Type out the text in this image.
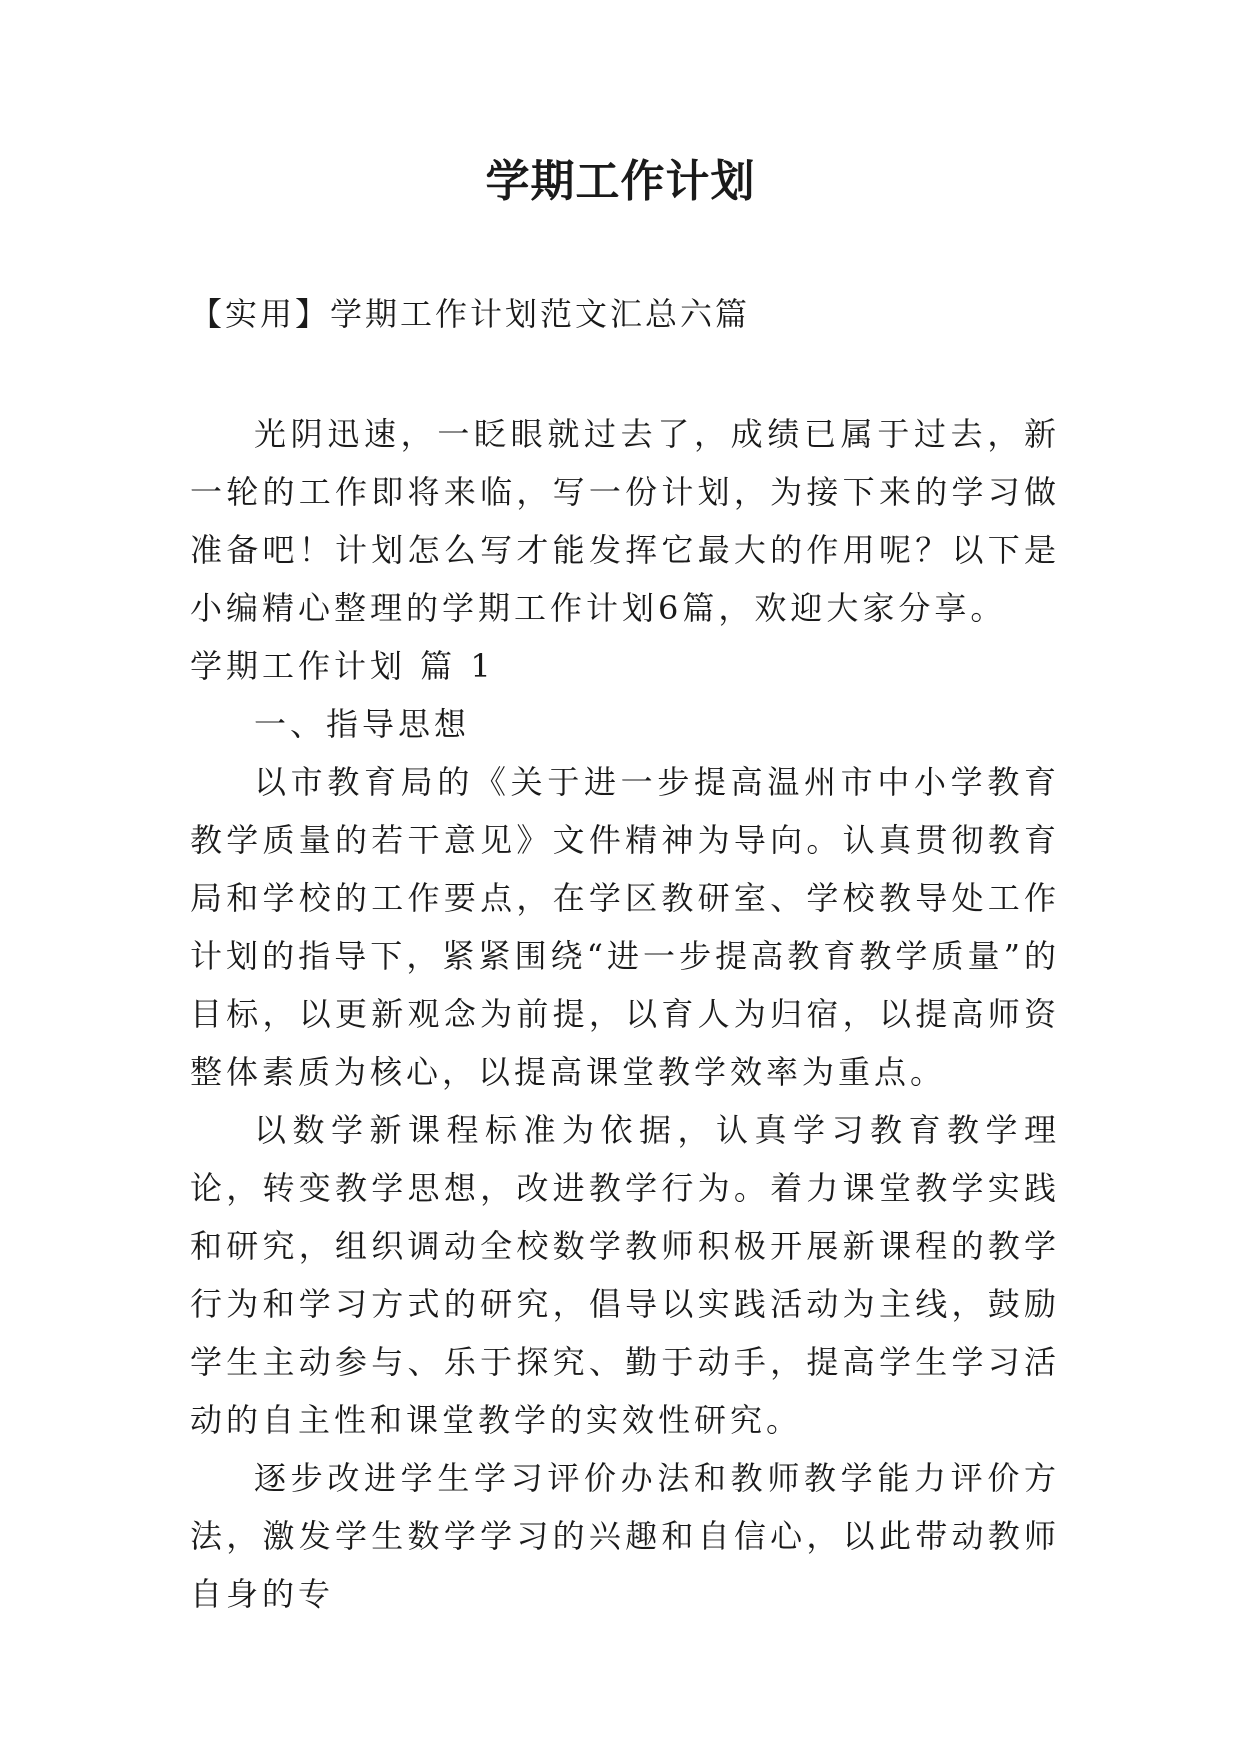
学期工作计划

【实用】学期工作计划范文汇总六篇

光阴迅速，一眨眼就过去了，成绩已属于过去，新一轮的工作即将来临，写一份计划，为接下来的学习做准备吧！计划怎么写才能发挥它最大的作用呢？以下是小编精心整理的学期工作计划6篇，欢迎大家分享。

学期工作计划 篇 1

一、指导思想

以市教育局的《关于进一步提高温州市中小学教育教学质量的若干意见》文件精神为导向。认真贯彻教育局和学校的工作要点，在学区教研室、学校教导处工作计划的指导下，紧紧围绕“进一步提高教育教学质量”的目标，以更新观念为前提，以育人为归宿，以提高师资整体素质为核心，以提高课堂教学效率为重点。

以数学新课程标准为依据，认真学习教育教学理论，转变教学思想，改进教学行为。着力课堂教学实践和研究，组织调动全校数学教师积极开展新课程的教学行为和学习方式的研究，倡导以实践活动为主线，鼓励学生主动参与、乐于探究、勤于动手，提高学生学习活动的自主性和课堂教学的实效性研究。

逐步改进学生学习评价办法和教师教学能力评价方法，激发学生数学学习的兴趣和自信心，以此带动教师自身的专
